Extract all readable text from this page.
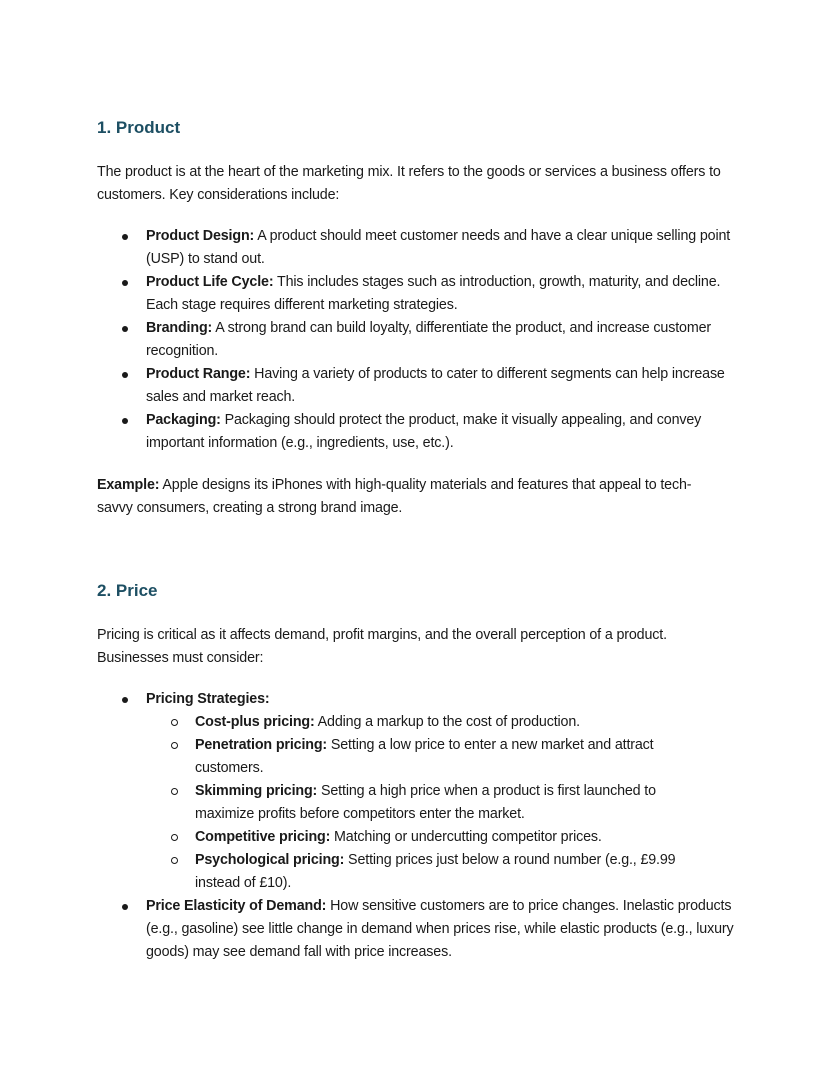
1. Product

The product is at the heart of the marketing mix. It refers to the goods or services a business offers to customers. Key considerations include:

Product Design: A product should meet customer needs and have a clear unique selling point (USP) to stand out.
Product Life Cycle: This includes stages such as introduction, growth, maturity, and decline. Each stage requires different marketing strategies.
Branding: A strong brand can build loyalty, differentiate the product, and increase customer recognition.
Product Range: Having a variety of products to cater to different segments can help increase sales and market reach.
Packaging: Packaging should protect the product, make it visually appealing, and convey important information (e.g., ingredients, use, etc.).

Example: Apple designs its iPhones with high-quality materials and features that appeal to tech-savvy consumers, creating a strong brand image.

2. Price

Pricing is critical as it affects demand, profit margins, and the overall perception of a product. Businesses must consider:

Pricing Strategies:
Cost-plus pricing: Adding a markup to the cost of production.
Penetration pricing: Setting a low price to enter a new market and attract customers.
Skimming pricing: Setting a high price when a product is first launched to maximize profits before competitors enter the market.
Competitive pricing: Matching or undercutting competitor prices.
Psychological pricing: Setting prices just below a round number (e.g., £9.99 instead of £10).
Price Elasticity of Demand: How sensitive customers are to price changes. Inelastic products (e.g., gasoline) see little change in demand when prices rise, while elastic products (e.g., luxury goods) may see demand fall with price increases.
